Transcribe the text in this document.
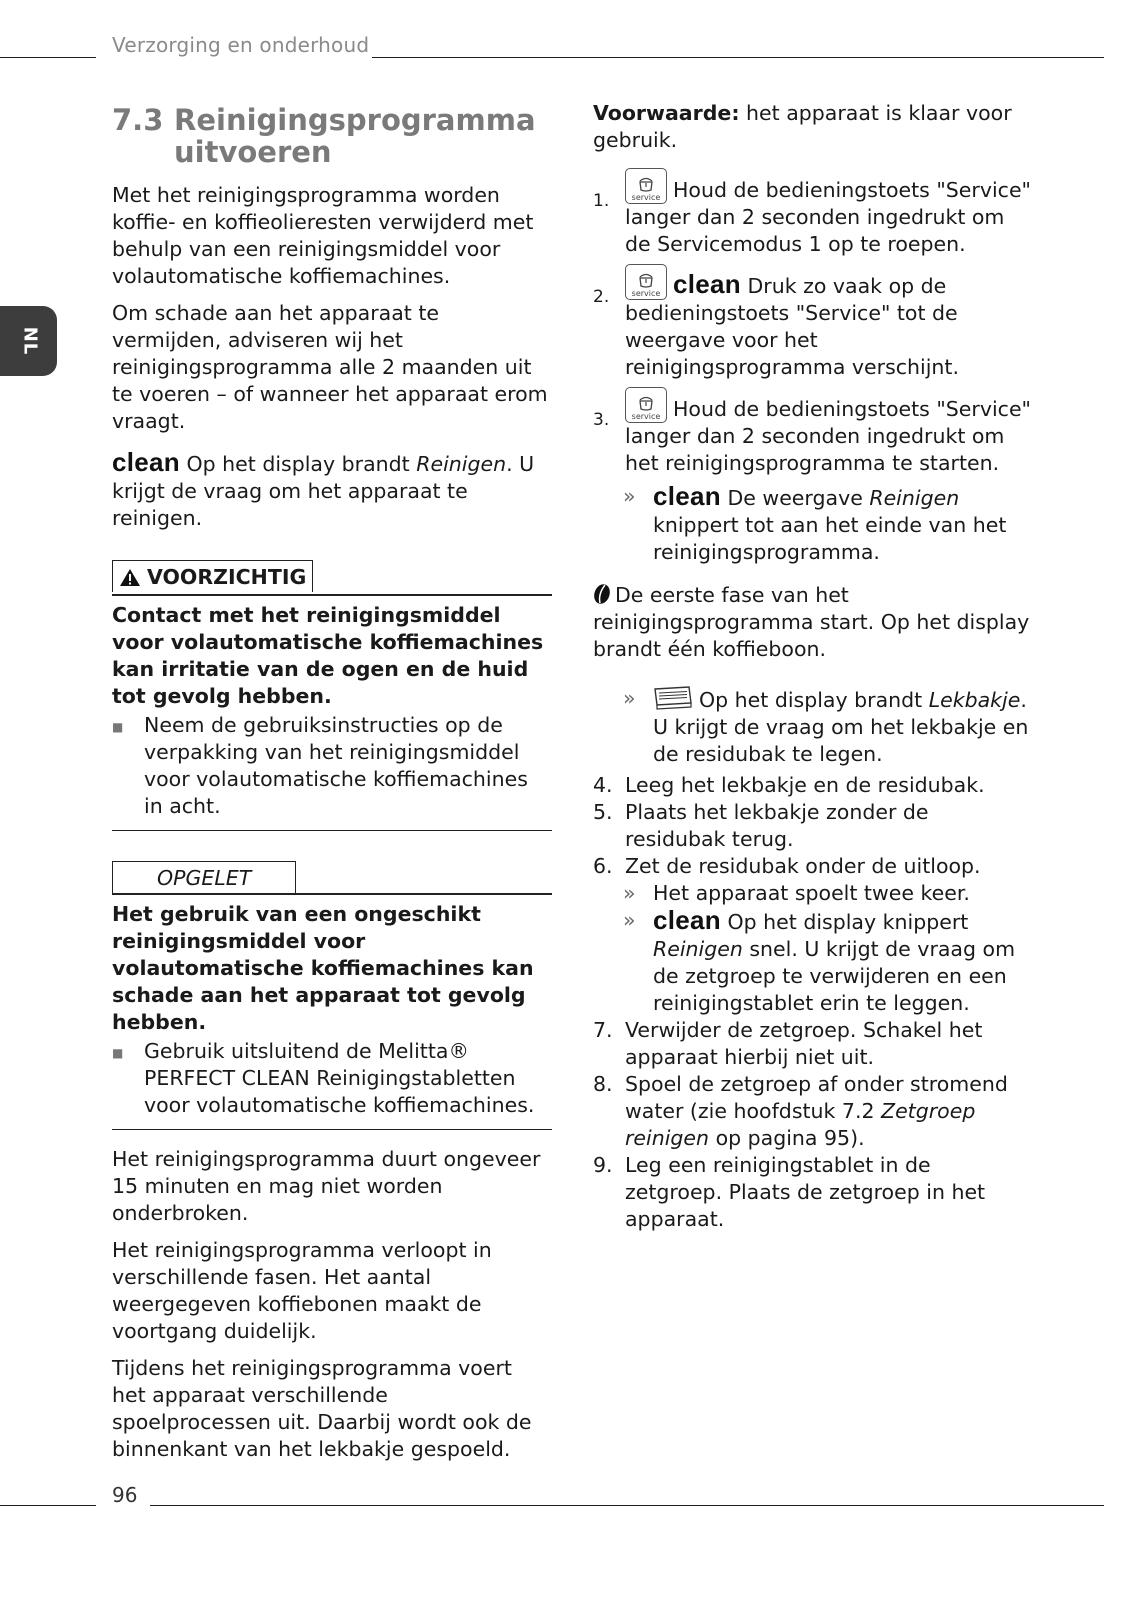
Verzorging en onderhoud
NL
7.3 Reinigingsprogramma uitvoeren

Met het reinigingsprogramma worden koffie- en koffieolieresten verwijderd met behulp van een reinigingsmiddel voor volautomatische koffiemachines.

Om schade aan het apparaat te vermijden, adviseren wij het reinigingsprogramma alle 2 maanden uit te voeren – of wanneer het apparaat erom vraagt.

clean Op het display brandt Reinigen. U krijgt de vraag om het apparaat te reinigen.

VOORZICHTIG
Contact met het reinigingsmiddel voor volautomatische koffiemachines kan irritatie van de ogen en de huid tot gevolg hebben.
■	Neem de gebruiksinstructies op de verpakking van het reinigingsmiddel voor volautomatische koffiemachines in acht.
OPGELET
Het gebruik van een ongeschikt reinigingsmiddel voor volautomatische koffiemachines kan schade aan het apparaat tot gevolg hebben.
■	Gebruik uitsluitend de Melitta® PERFECT CLEAN Reinigingstabletten voor volautomatische koffiemachines.

Het reinigingsprogramma duurt ongeveer 15 minuten en mag niet worden onderbroken.

Het reinigingsprogramma verloopt in verschillende fasen. Het aantal weergegeven koffiebonen maakt de voortgang duidelijk.

Tijdens het reinigingsprogramma voert het apparaat verschillende spoelprocessen uit. Daarbij wordt ook de binnenkant van het lekbakje gespoeld.

Voorwaarde: het apparaat is klaar voor gebruik.

1.	service Houd de bedieningstoets "Service" langer dan 2 seconden ingedrukt om de Servicemodus 1 op te roepen.
2.	service clean Druk zo vaak op de bedieningstoets "Service" tot de weergave voor het reinigingsprogramma verschijnt.
3.	service Houd de bedieningstoets "Service" langer dan 2 seconden ingedrukt om het reinigingsprogramma te starten.
» clean De weergave Reinigen knippert tot aan het einde van het reinigingsprogramma.

De eerste fase van het reinigingsprogramma start. Op het display brandt één koffieboon.

»	Op het display brandt Lekbakje. U krijgt de vraag om het lekbakje en de residubak te legen.
4. Leeg het lekbakje en de residubak.
5. Plaats het lekbakje zonder de residubak terug.
6. Zet de residubak onder de uitloop.
» Het apparaat spoelt twee keer.
» clean Op het display knippert Reinigen snel. U krijgt de vraag om de zetgroep te verwijderen en een reinigingstablet erin te leggen.
7. Verwijder de zetgroep. Schakel het apparaat hierbij niet uit.
8. Spoel de zetgroep af onder stromend water (zie hoofdstuk 7.2 Zetgroep reinigen op pagina 95).
9. Leg een reinigingstablet in de zetgroep. Plaats de zetgroep in het apparaat.
96
